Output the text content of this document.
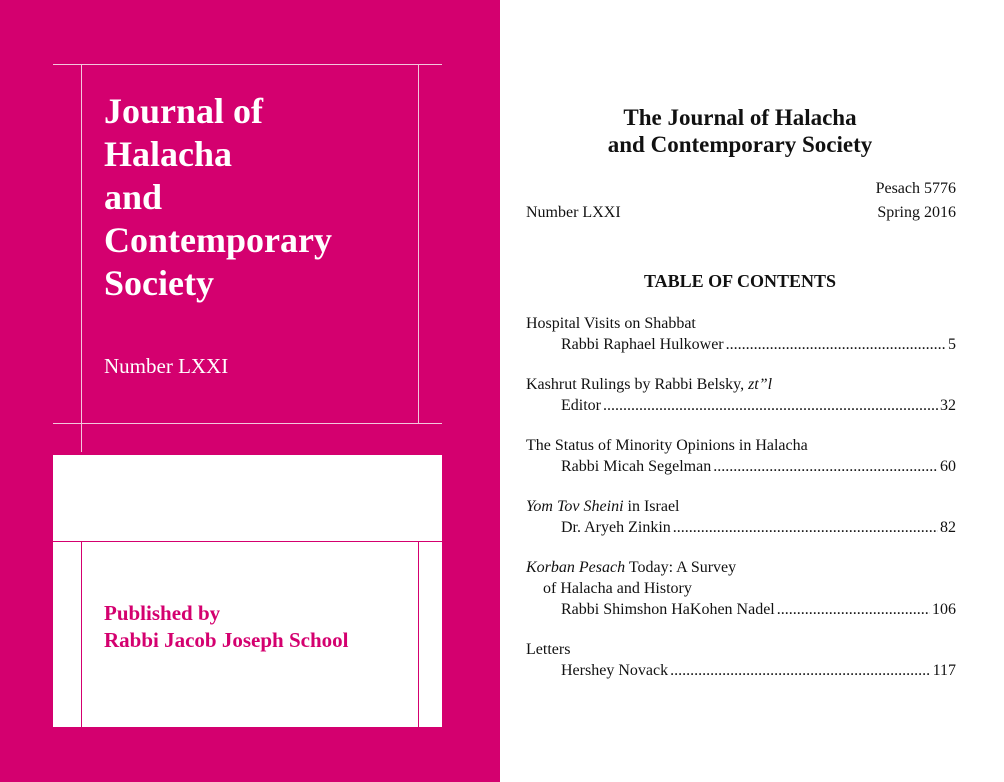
Journal of
Halacha
and
Contemporary
Society
Number LXXI
Published by
Rabbi Jacob Joseph School
The Journal of Halacha
and Contemporary Society
Pesach 5776
Number LXXI	Spring 2016
TABLE OF CONTENTS
Hospital Visits on Shabbat
Rabbi Raphael Hulkower .....	5
Kashrut Rulings by Rabbi Belsky, zt”l
Editor .....	32
The Status of Minority Opinions in Halacha
Rabbi Micah Segelman .....	60
Yom Tov Sheini in Israel
Dr. Aryeh Zinkin .....	82
Korban Pesach Today: A Survey
of Halacha and History
Rabbi Shimshon HaKohen Nadel .....	106
Letters
Hershey Novack .....	117
